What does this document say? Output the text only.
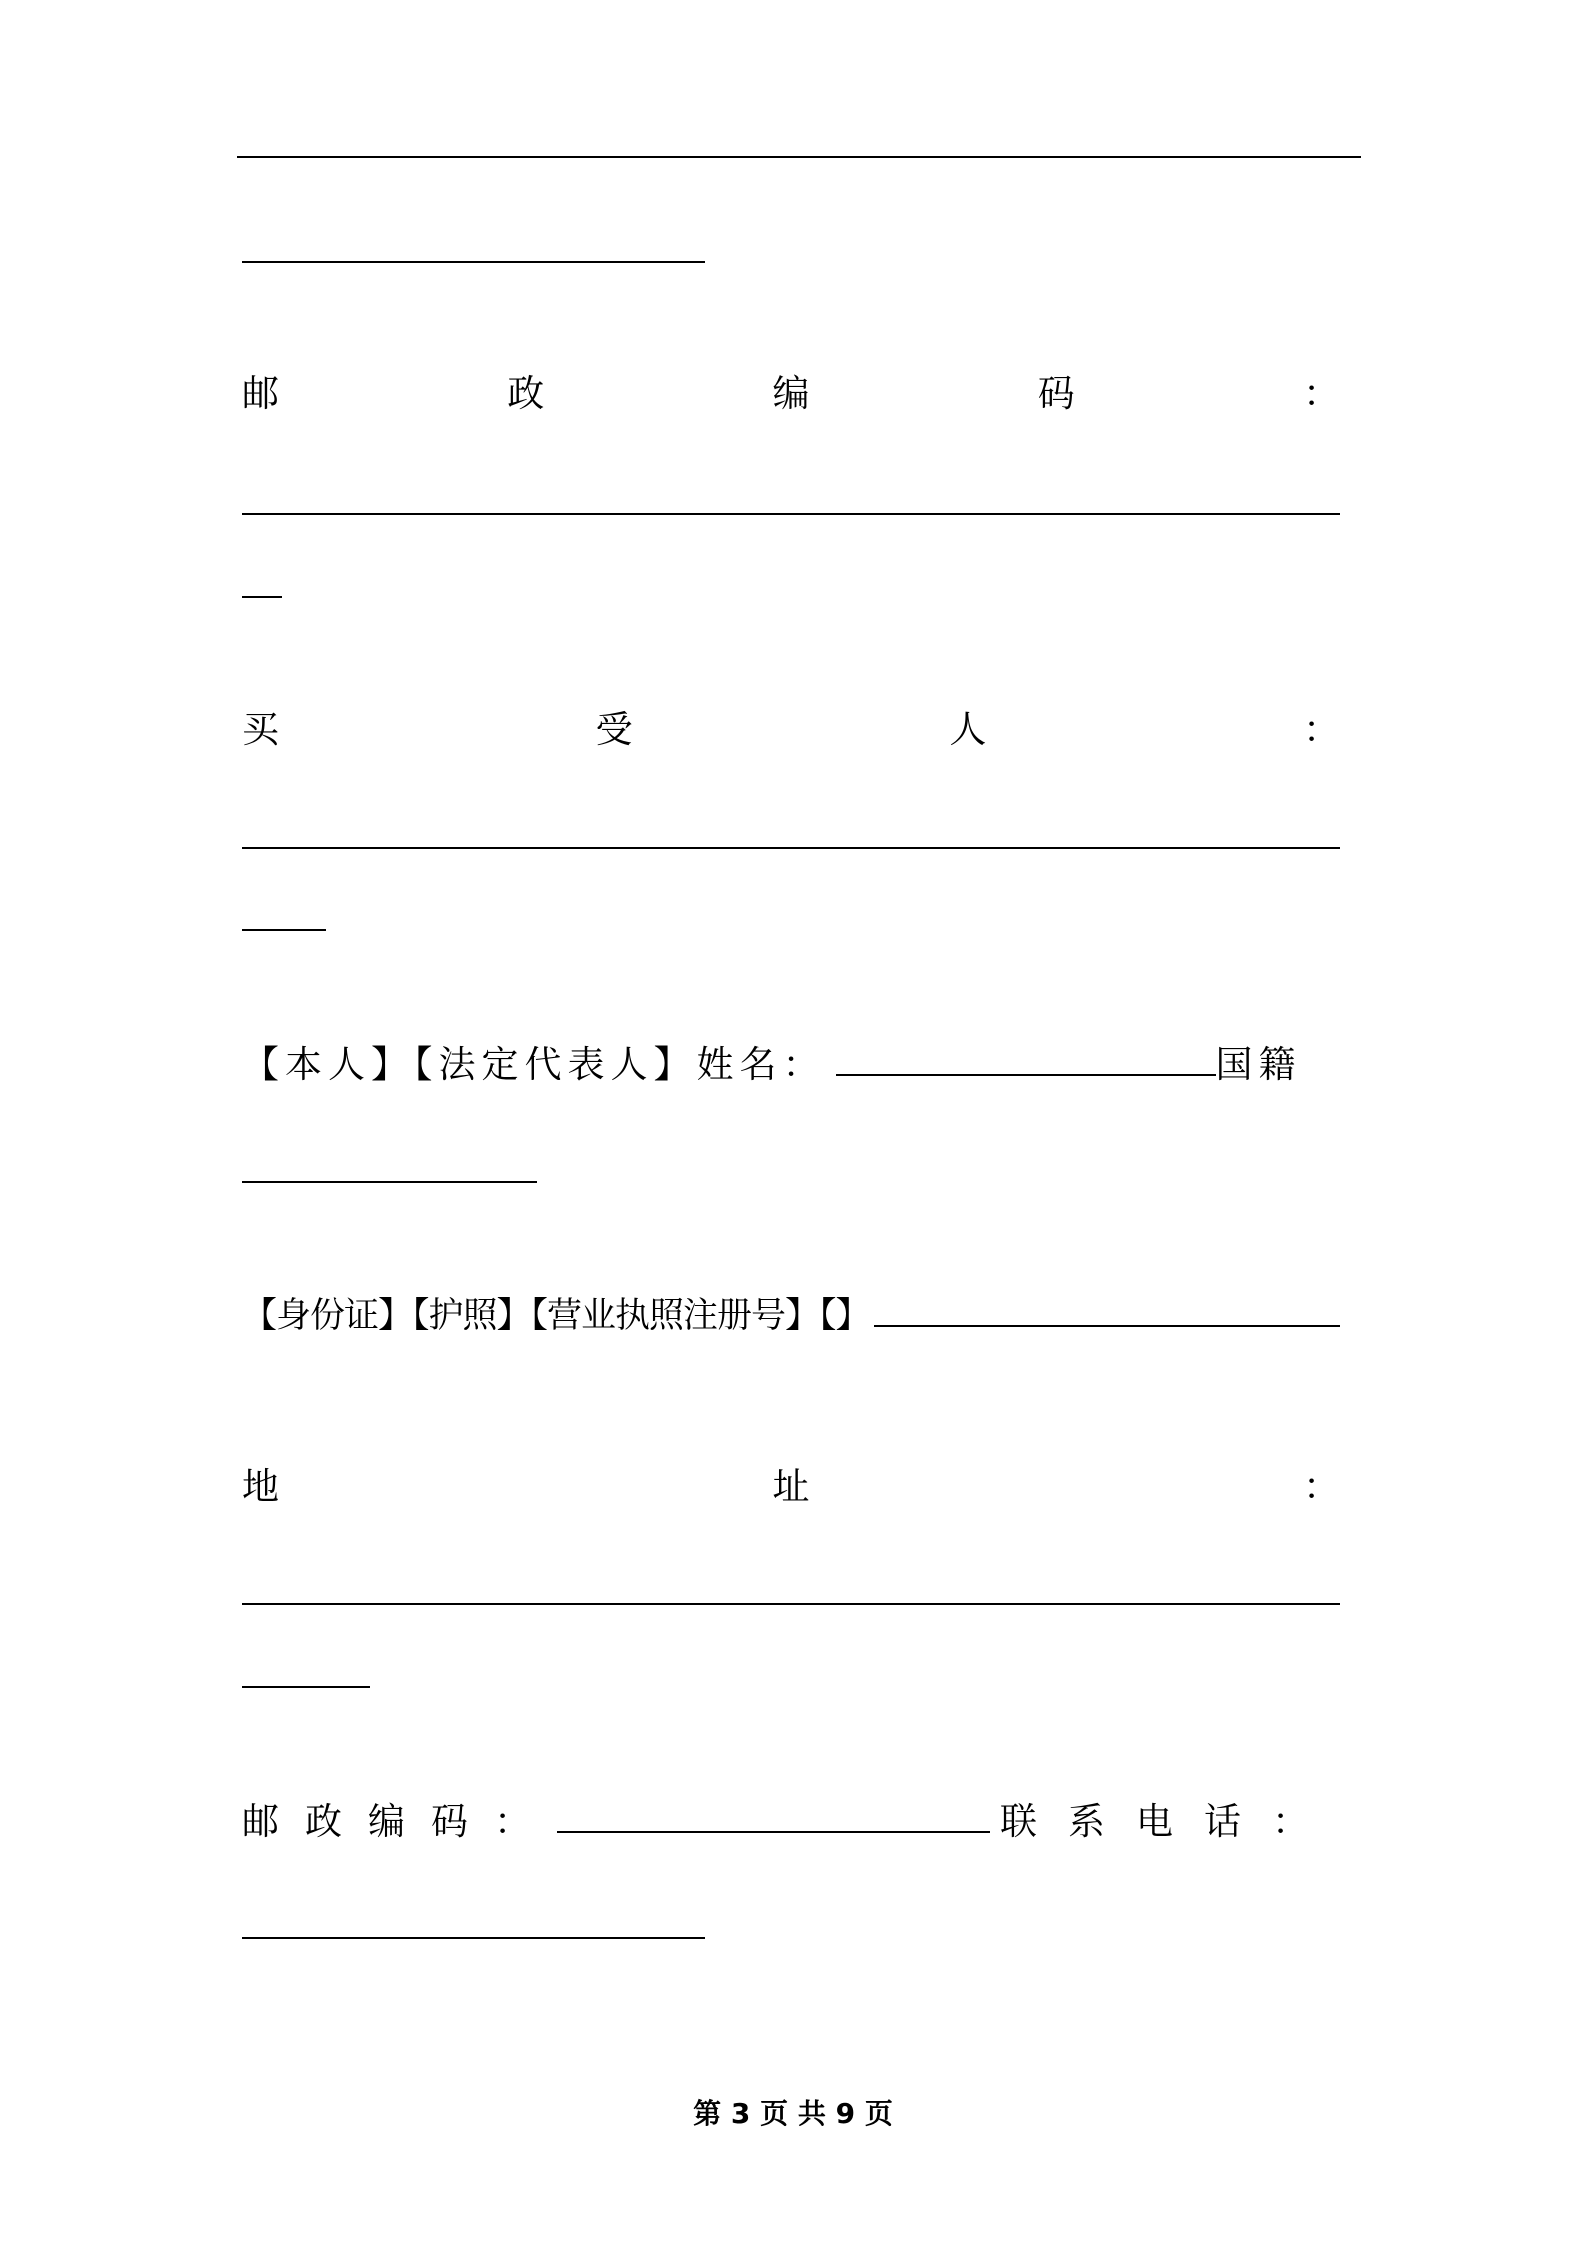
邮	政	编	码	：
买	受	人	：
【本人】【法定代表人】姓名：	国籍
【身份证】【护照】【营业执照注册号】【】
地	址	：
邮政编码：	联系电话：
第 3 页 共 9 页
